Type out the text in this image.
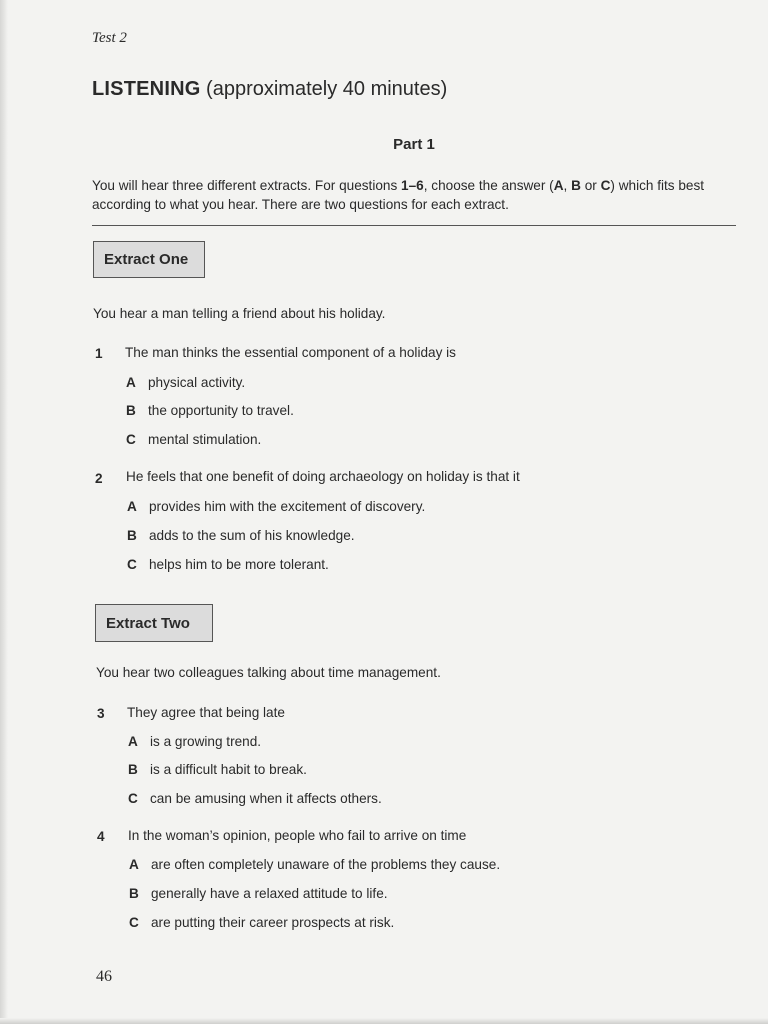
Test 2
LISTENING (approximately 40 minutes)
Part 1
You will hear three different extracts. For questions 1–6, choose the answer (A, B or C) which fits best according to what you hear. There are two questions for each extract.
Extract One
You hear a man telling a friend about his holiday.
1 The man thinks the essential component of a holiday is
A physical activity.
B the opportunity to travel.
C mental stimulation.
2 He feels that one benefit of doing archaeology on holiday is that it
A provides him with the excitement of discovery.
B adds to the sum of his knowledge.
C helps him to be more tolerant.
Extract Two
You hear two colleagues talking about time management.
3 They agree that being late
A is a growing trend.
B is a difficult habit to break.
C can be amusing when it affects others.
4 In the woman’s opinion, people who fail to arrive on time
A are often completely unaware of the problems they cause.
B generally have a relaxed attitude to life.
C are putting their career prospects at risk.
46
